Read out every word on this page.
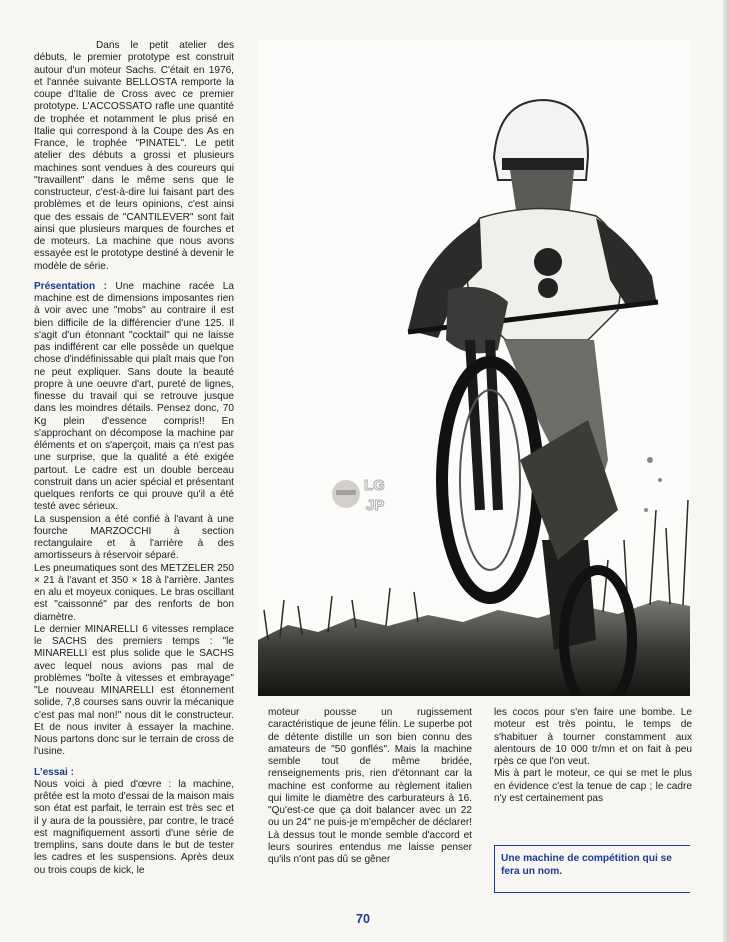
Dans le petit atelier des débuts, le premier prototype est construit autour d'un moteur Sachs. C'était en 1976, et l'année suivante BELLOSTA remporte la coupe d'Italie de Cross avec ce premier prototype. L'ACCOSSATO rafle une quantité de trophée et notamment le plus prisé en Italie qui correspond à la Coupe des As en France, le trophée "PINATEL". Le petit atelier des débuts a grossi et plusieurs machines sont vendues à des coureurs qui "travaillent" dans le même sens que le constructeur, c'est-à-dire lui faisant part des problèmes et de leurs opinions, c'est ainsi que des essais de "CANTILEVER" sont fait ainsi que plusieurs marques de fourches et de moteurs. La machine que nous avons essayée est le prototype destiné à devenir le modèle de série.

Présentation : Une machine racée La machine est de dimensions imposantes rien à voir avec une "mobs" au contraire il est bien difficile de la différencier d'une 125. Il s'agit d'un étonnant "cocktail" qui ne laisse pas indifférent car elle possède un quelque chose d'indéfinissable qui plaît mais que l'on ne peut expliquer. Sans doute la beauté propre à une oeuvre d'art, pureté de lignes, finesse du travail qui se retrouve jusque dans les moindres détails. Pensez donc, 70 Kg plein d'essence compris!! En s'approchant on décompose la machine par éléments et on s'aperçoit, mais ça n'est pas une surprise, que la qualité a été exigée partout. Le cadre est un double berceau construit dans un acier spécial et présentant quelques renforts ce qui prouve qu'il a été testé avec sérieux.

La suspension a été confié à l'avant à une fourche MARZOCCHI à section rectangulaire et à l'arrière à des amortisseurs à réservoir séparé.

Les pneumatiques sont des METZELER 250 × 21 à l'avant et 350 × 18 à l'arrière. Jantes en alu et moyeux coniques. Le bras oscillant est "caissonné" par des renforts de bon diamètre.

Le dernier MINARELLI 6 vitesses remplace le SACHS des premiers temps : "le MINARELLI est plus solide que le SACHS avec lequel nous avions pas mal de problèmes "boîte à vitesses et embrayage" "Le nouveau MINARELLI est étonnement solide, 7,8 courses sans ouvrir la mécanique c'est pas mal non!" nous dit le constructeur. Et de nous inviter à essayer la machine. Nous partons donc sur le terrain de cross de l'usine.

L'essai :

Nous voici à pied d'œvre : la machine, prêtée est la moto d'essai de la maison mais son état est parfait, le terrain est très sec et il y aura de la poussière, par contre, le tracé est magnifiquement assorti d'une série de tremplins, sans doute dans le but de tester les cadres et les suspensions. Après deux ou trois coups de kick, le

LG
JP

moteur pousse un rugissement caractéristique de jeune félin. Le superbe pot de détente distille un son bien connu des amateurs de "50 gonflés". Mais la machine semble tout de même bridée, renseignements pris, rien d'étonnant car la machine est conforme au règlement italien qui limite le diamètre des carburateurs à 16. "Qu'est-ce que ça doit balancer avec un 22 ou un 24" ne puis-je m'empêcher de déclarer! Là dessus tout le monde semble d'accord et leurs sourires entendus me laisse penser qu'ils n'ont pas dû se gêner

les cocos pour s'en faire une bombe. Le moteur est très pointu, le temps de s'habituer à tourner constamment aux alentours de 10 000 tr/mn et on fait à peu rpès ce que l'on veut.

Mis à part le moteur, ce qui se met le plus en évidence c'est la tenue de cap ; le cadre n'y est certainement pas

Une machine de compétition qui se fera un nom.
70
